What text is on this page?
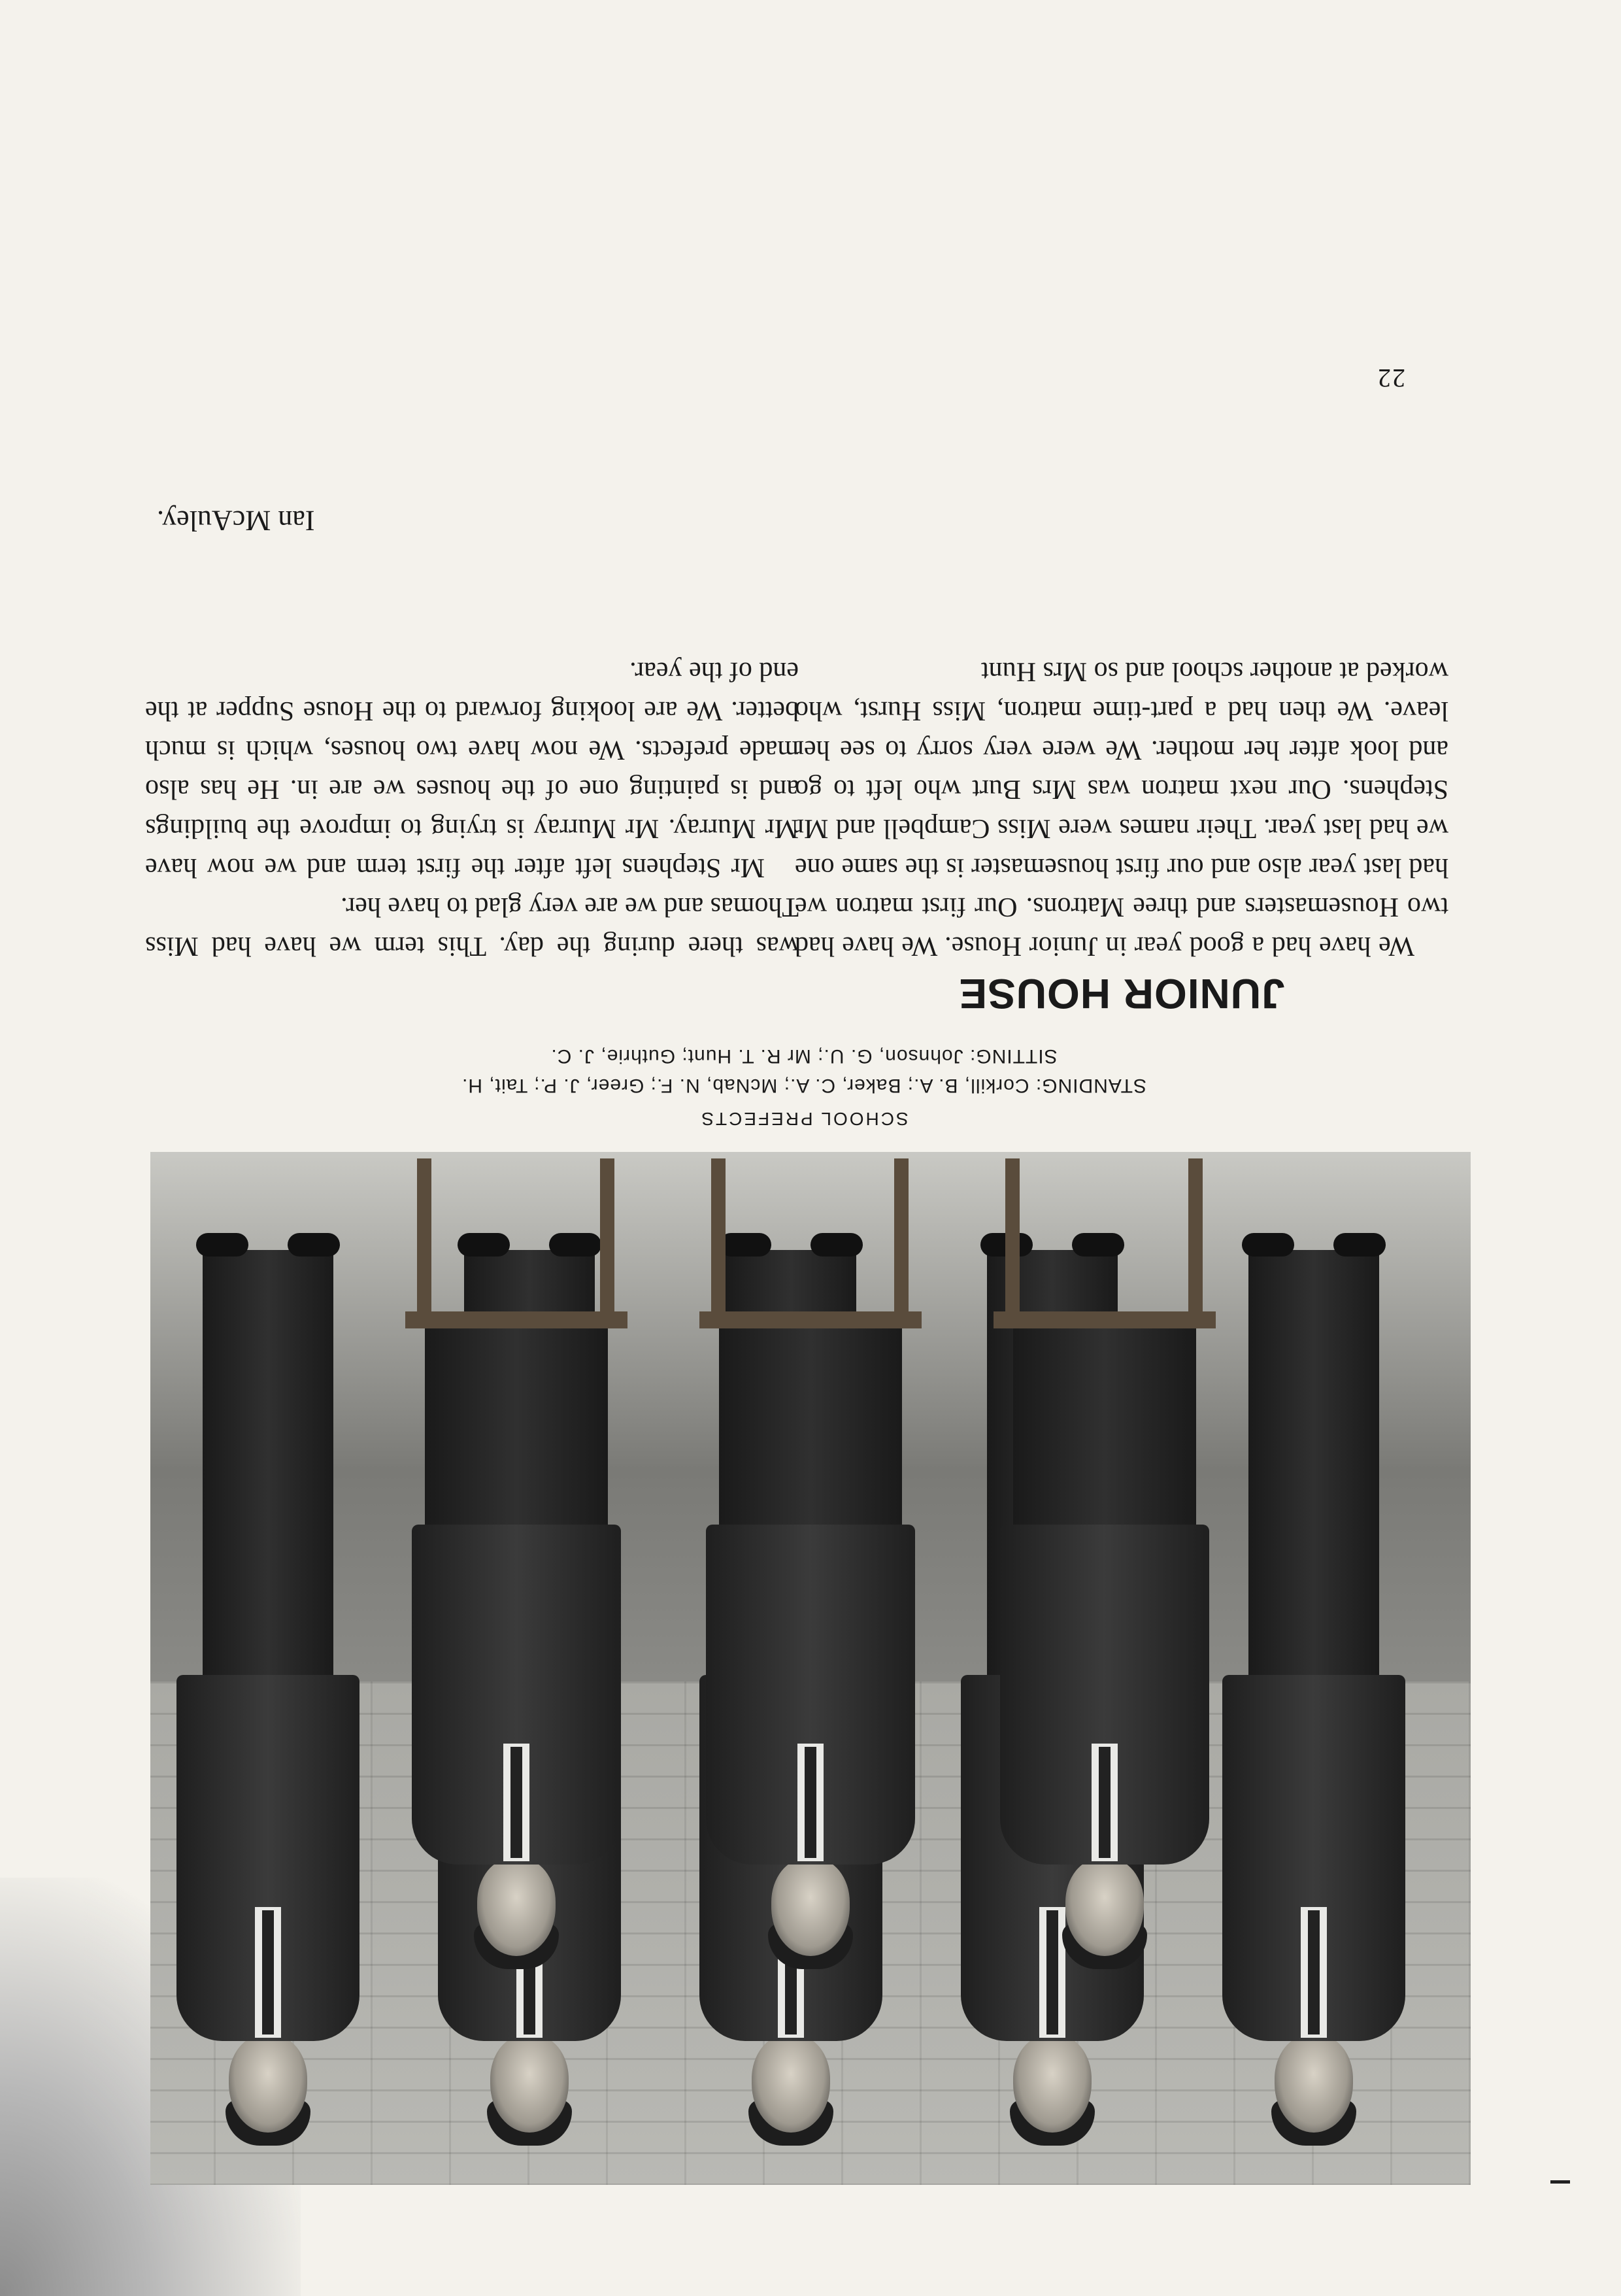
SCHOOL PREFECTS
STANDING: Corkill, B. A.; Baker, C. A.; McNab, N. F.; Greer, J. P.; Tait, H.
SITTING: Johnson, G. U.; Mr R. T. Hunt; Guthrie, J. C.
JUNIOR HOUSE

We have had a good year in Junior House. We have had two Housemasters and three Matrons. Our first matron we had last year also and our first housemaster is the same one we had last year. Their names were Miss Campbell and Mr Stephens. Our next matron was Mrs Burt who left to go and look after her mother. We were very sorry to see her leave. We then had a part-time matron, Miss Hurst, who worked at another school and so Mrs Hunt

was there during the day. This term we have had Miss Thomas and we are very glad to have her.

Mr Stephens left after the first term and we now have Mr Murray. Mr Murray is trying to improve the buildings and is painting one of the houses we are in. He has also made prefects. We now have two houses, which is much better. We are looking forward to the House Supper at the end of the year.

Ian McAuley.
22
